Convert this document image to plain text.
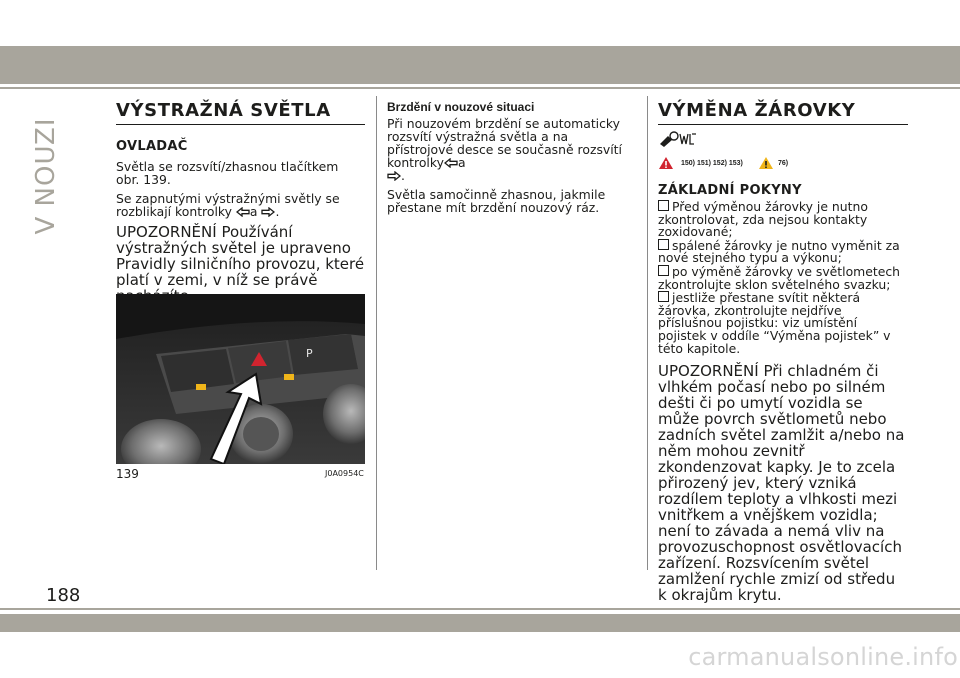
V NOUZI
VÝSTRAŽNÁ SVĚTLA
OVLADAČ

Světla se rozsvítí/zhasnou tlačítkem obr. 139.

Se zapnutými výstražnými světly se rozblikají kontrolky a .

UPOZORNĚNÍ Používání výstražných světel je upraveno Pravidly silničního provozu, které platí v zemi, v níž se právě

P
139	J0A0954C
Brzdění v nouzové situaci

Při nouzovém brzdění se automaticky rozsvítí výstražná světla a na přístrojové desce se současně rozsvítí kontrolky a
.

Světla samočinně zhasnou, jakmile přestane mít brzdění nouzový ráz.

VÝMĚNA ŽÁROVKY
150) 151) 152) 153)	76)
ZÁKLADNÍ POKYNY

Před výměnou žárovky je nutno zkontrolovat, zda nejsou kontakty zoxidované;

spálené žárovky je nutno vyměnit za nové stejného typu a výkonu;

po výměně žárovky ve světlometech zkontrolujte sklon světelného svazku;

jestliže přestane svítit některá žárovka, zkontrolujte nejdříve příslušnou pojistku: viz umístění pojistek v oddíle “Výměna pojistek” v této kapitole.

UPOZORNĚNÍ Při chladném či vlhkém počasí nebo po silném dešti či po umytí vozidla se může povrch světlometů nebo zadních světel zamlžit a/nebo na něm mohou zevnitř zkondenzovat kapky. Je to zcela přirozený jev, který vzniká rozdílem teploty a vlhkosti mezi vnitřkem a vnějškem vozidla; není to závada a nemá vliv na provozuschopnost osvětlovacích zařízení. Rozsvícením světel zamlžení rychle zmizí od středu k okrajům krytu.

188
carmanualsonline.info
